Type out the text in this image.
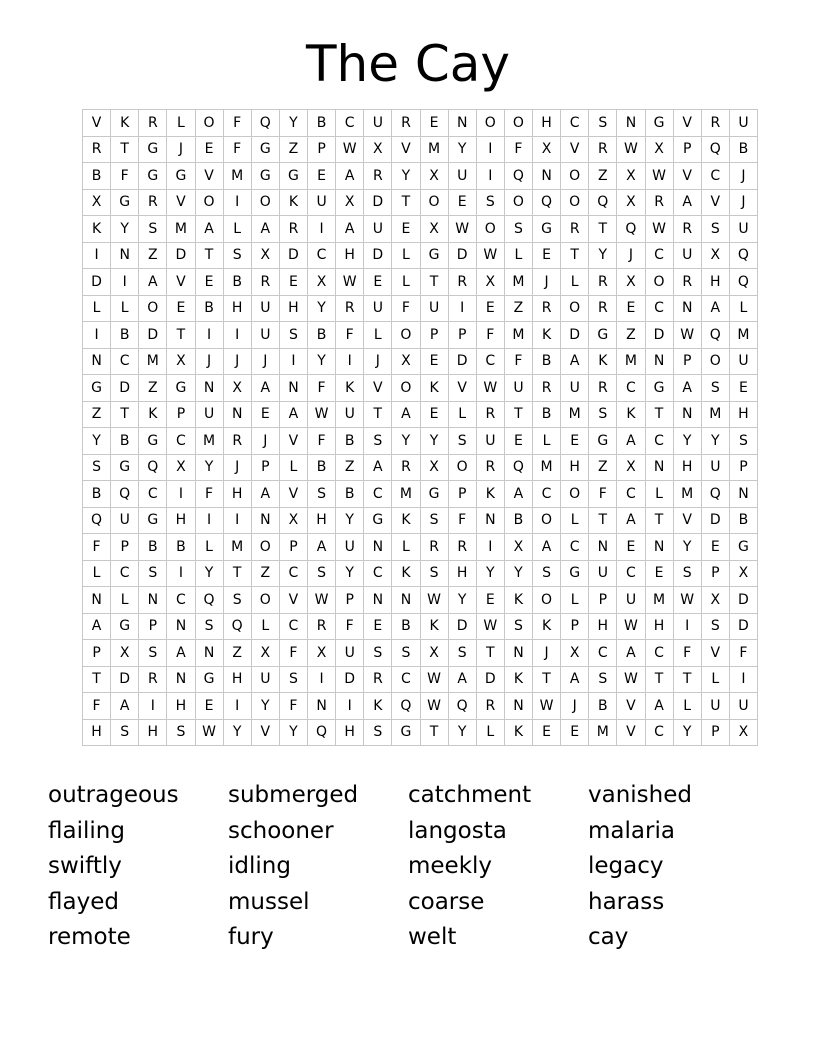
The Cay
V	K	R	L	O	F	Q	Y	B	C	U	R	E	N	O	O	H	C	S	N	G	V	R	U
R	T	G	J	E	F	G	Z	P	W	X	V	M	Y	I	F	X	V	R	W	X	P	Q	B
B	F	G	G	V	M	G	G	E	A	R	Y	X	U	I	Q	N	O	Z	X	W	V	C	J
X	G	R	V	O	I	O	K	U	X	D	T	O	E	S	O	Q	O	Q	X	R	A	V	J
K	Y	S	M	A	L	A	R	I	A	U	E	X	W	O	S	G	R	T	Q	W	R	S	U
I	N	Z	D	T	S	X	D	C	H	D	L	G	D	W	L	E	T	Y	J	C	U	X	Q
D	I	A	V	E	B	R	E	X	W	E	L	T	R	X	M	J	L	R	X	O	R	H	Q
L	L	O	E	B	H	U	H	Y	R	U	F	U	I	E	Z	R	O	R	E	C	N	A	L
I	B	D	T	I	I	U	S	B	F	L	O	P	P	F	M	K	D	G	Z	D	W	Q	M
N	C	M	X	J	J	J	I	Y	I	J	X	E	D	C	F	B	A	K	M	N	P	O	U
G	D	Z	G	N	X	A	N	F	K	V	O	K	V	W	U	R	U	R	C	G	A	S	E
Z	T	K	P	U	N	E	A	W	U	T	A	E	L	R	T	B	M	S	K	T	N	M	H
Y	B	G	C	M	R	J	V	F	B	S	Y	Y	S	U	E	L	E	G	A	C	Y	Y	S
S	G	Q	X	Y	J	P	L	B	Z	A	R	X	O	R	Q	M	H	Z	X	N	H	U	P
B	Q	C	I	F	H	A	V	S	B	C	M	G	P	K	A	C	O	F	C	L	M	Q	N
Q	U	G	H	I	I	N	X	H	Y	G	K	S	F	N	B	O	L	T	A	T	V	D	B
F	P	B	B	L	M	O	P	A	U	N	L	R	R	I	X	A	C	N	E	N	Y	E	G
L	C	S	I	Y	T	Z	C	S	Y	C	K	S	H	Y	Y	S	G	U	C	E	S	P	X
N	L	N	C	Q	S	O	V	W	P	N	N	W	Y	E	K	O	L	P	U	M	W	X	D
A	G	P	N	S	Q	L	C	R	F	E	B	K	D	W	S	K	P	H	W	H	I	S	D
P	X	S	A	N	Z	X	F	X	U	S	S	X	S	T	N	J	X	C	A	C	F	V	F
T	D	R	N	G	H	U	S	I	D	R	C	W	A	D	K	T	A	S	W	T	T	L	I
F	A	I	H	E	I	Y	F	N	I	K	Q	W	Q	R	N	W	J	B	V	A	L	U	U
H	S	H	S	W	Y	V	Y	Q	H	S	G	T	Y	L	K	E	E	M	V	C	Y	P	X
outrageous	submerged	catchment	vanished
flailing	schooner	langosta	malaria
swiftly	idling	meekly	legacy
flayed	mussel	coarse	harass
remote	fury	welt	cay
